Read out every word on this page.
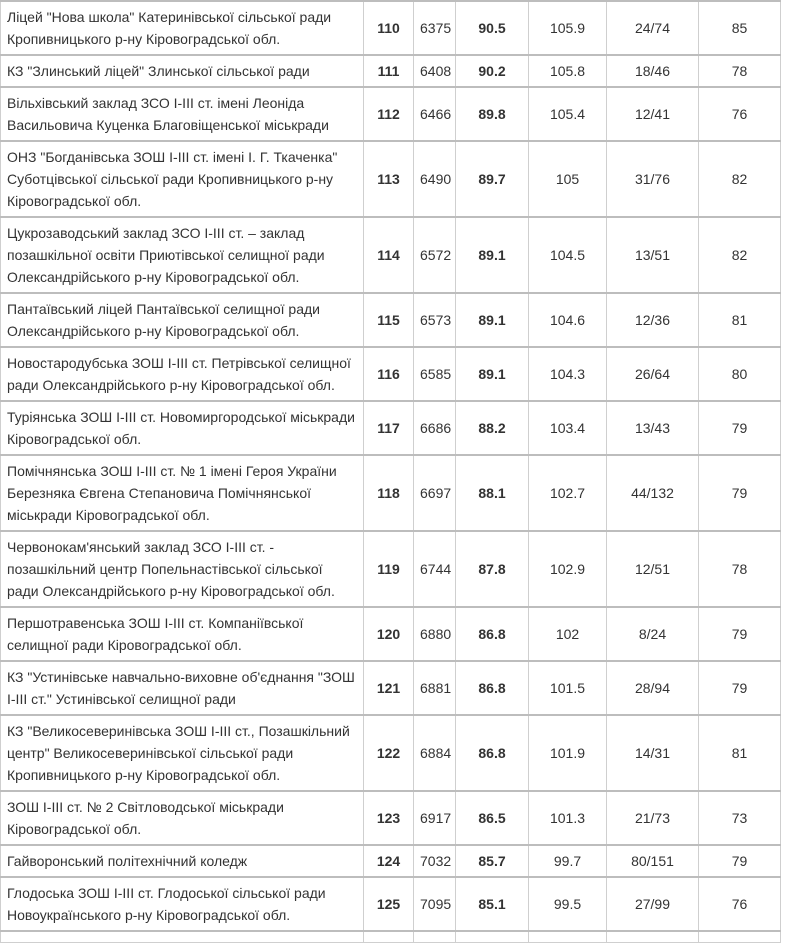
Ліцей "Нова школа" Катеринівської сільської ради Кропивницького р-ну Кіровоградської обл.	110	6375	90.5	105.9	24/74	85
КЗ "Злинський ліцей" Злинської сільської ради	111	6408	90.2	105.8	18/46	78
Вільхівський заклад ЗСО І-ІІІ ст. імені Леоніда Васильовича Куценка Благовіщенської міськради	112	6466	89.8	105.4	12/41	76
ОНЗ "Богданівська ЗОШ І-ІІІ ст. імені І. Г. Ткаченка" Суботцівської сільської ради Кропивницького р-ну Кіровоградської обл.	113	6490	89.7	105	31/76	82
Цукрозаводський заклад ЗСО І-ІІІ ст. – заклад позашкільної освіти Приютівської селищної ради Олександрійського р-ну Кіровоградської обл.	114	6572	89.1	104.5	13/51	82
Пантаївський ліцей Пантаївської селищної ради Олександрійського р-ну Кіровоградської обл.	115	6573	89.1	104.6	12/36	81
Новостародубська ЗОШ І-ІІІ ст. Петрівської селищної ради Олександрійського р-ну Кіровоградської обл.	116	6585	89.1	104.3	26/64	80
Туріянська ЗОШ І-ІІІ ст. Новомиргородської міськради Кіровоградської обл.	117	6686	88.2	103.4	13/43	79
Помічнянська ЗОШ І-ІІІ ст. № 1 імені Героя України Березняка Євгена Степановича Помічнянської міськради Кіровоградської обл.	118	6697	88.1	102.7	44/132	79
Червонокам'янський заклад ЗСО І-ІІІ ст. - позашкільний центр Попельнастівської сільської ради Олександрійського р-ну Кіровоградської обл.	119	6744	87.8	102.9	12/51	78
Першотравенська ЗОШ І-ІІІ ст. Компаніївської селищної ради Кіровоградської обл.	120	6880	86.8	102	8/24	79
КЗ "Устинівське навчально-виховне об'єднання "ЗОШ І-ІІІ ст." Устинівської селищної ради	121	6881	86.8	101.5	28/94	79
КЗ "Великосеверинівська ЗОШ І-ІІІ ст., Позашкільний центр" Великосеверинівської сільської ради Кропивницького р-ну Кіровоградської обл.	122	6884	86.8	101.9	14/31	81
ЗОШ І-ІІІ ст. № 2 Світловодської міськради Кіровоградської обл.	123	6917	86.5	101.3	21/73	73
Гайворонський політехнічний коледж	124	7032	85.7	99.7	80/151	79
Глодоська ЗОШ І-ІІІ ст. Глодоської сільської ради Новоукраїнського р-ну Кіровоградської обл.	125	7095	85.1	99.5	27/99	76
